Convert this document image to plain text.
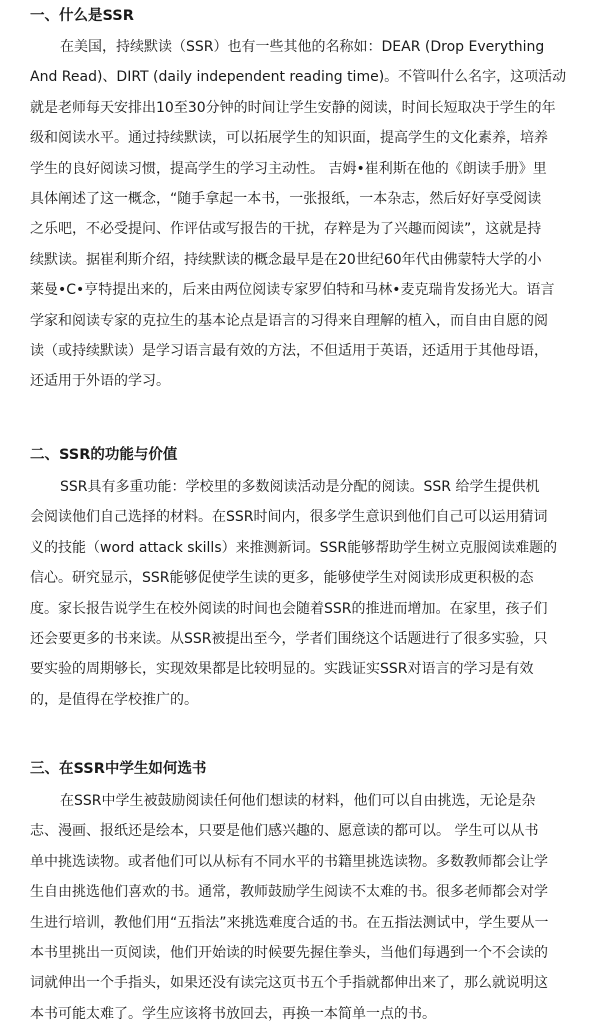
一、什么是SSR
在美国，持续默读（SSR）也有一些其他的名称如：DEAR (Drop Everything
And Read)、DIRT (daily independent reading time)。不管叫什么名字，这项活动
就是老师每天安排出10至30分钟的时间让学生安静的阅读，时间长短取决于学生的年
级和阅读水平。通过持续默读，可以拓展学生的知识面，提高学生的文化素养，培养
学生的良好阅读习惯，提高学生的学习主动性。 吉姆•崔利斯在他的《朗读手册》里
具体阐述了这一概念，“随手拿起一本书，一张报纸，一本杂志，然后好好享受阅读
之乐吧，不必受提问、作评估或写报告的干扰，存粹是为了兴趣而阅读”，这就是持
续默读。据崔利斯介绍，持续默读的概念最早是在20世纪60年代由佛蒙特大学的小
莱曼•C•亨特提出来的，后来由两位阅读专家罗伯特和马林•麦克瑞肯发扬光大。语言
学家和阅读专家的克拉生的基本论点是语言的习得来自理解的植入，而自由自愿的阅
读（或持续默读）是学习语言最有效的方法，不但适用于英语，还适用于其他母语，
还适用于外语的学习。
二、SSR的功能与价值
SSR具有多重功能：学校里的多数阅读活动是分配的阅读。SSR 给学生提供机
会阅读他们自己选择的材料。在SSR时间内，很多学生意识到他们自己可以运用猜词
义的技能（word attack skills）来推测新词。SSR能够帮助学生树立克服阅读难题的
信心。研究显示，SSR能够促使学生读的更多，能够使学生对阅读形成更积极的态
度。家长报告说学生在校外阅读的时间也会随着SSR的推进而增加。在家里，孩子们
还会要更多的书来读。从SSR被提出至今，学者们围绕这个话题进行了很多实验，只
要实验的周期够长，实现效果都是比较明显的。实践证实SSR对语言的学习是有效
的，是值得在学校推广的。
三、在SSR中学生如何选书
在SSR中学生被鼓励阅读任何他们想读的材料，他们可以自由挑选，无论是杂
志、漫画、报纸还是绘本，只要是他们感兴趣的、愿意读的都可以。 学生可以从书
单中挑选读物。或者他们可以从标有不同水平的书籍里挑选读物。多数教师都会让学
生自由挑选他们喜欢的书。通常，教师鼓励学生阅读不太难的书。很多老师都会对学
生进行培训，教他们用“五指法”来挑选难度合适的书。在五指法测试中，学生要从一
本书里挑出一页阅读，他们开始读的时候要先握住拳头，当他们每遇到一个不会读的
词就伸出一个手指头，如果还没有读完这页书五个手指就都伸出来了，那么就说明这
本书可能太难了。学生应该将书放回去，再换一本简单一点的书。
